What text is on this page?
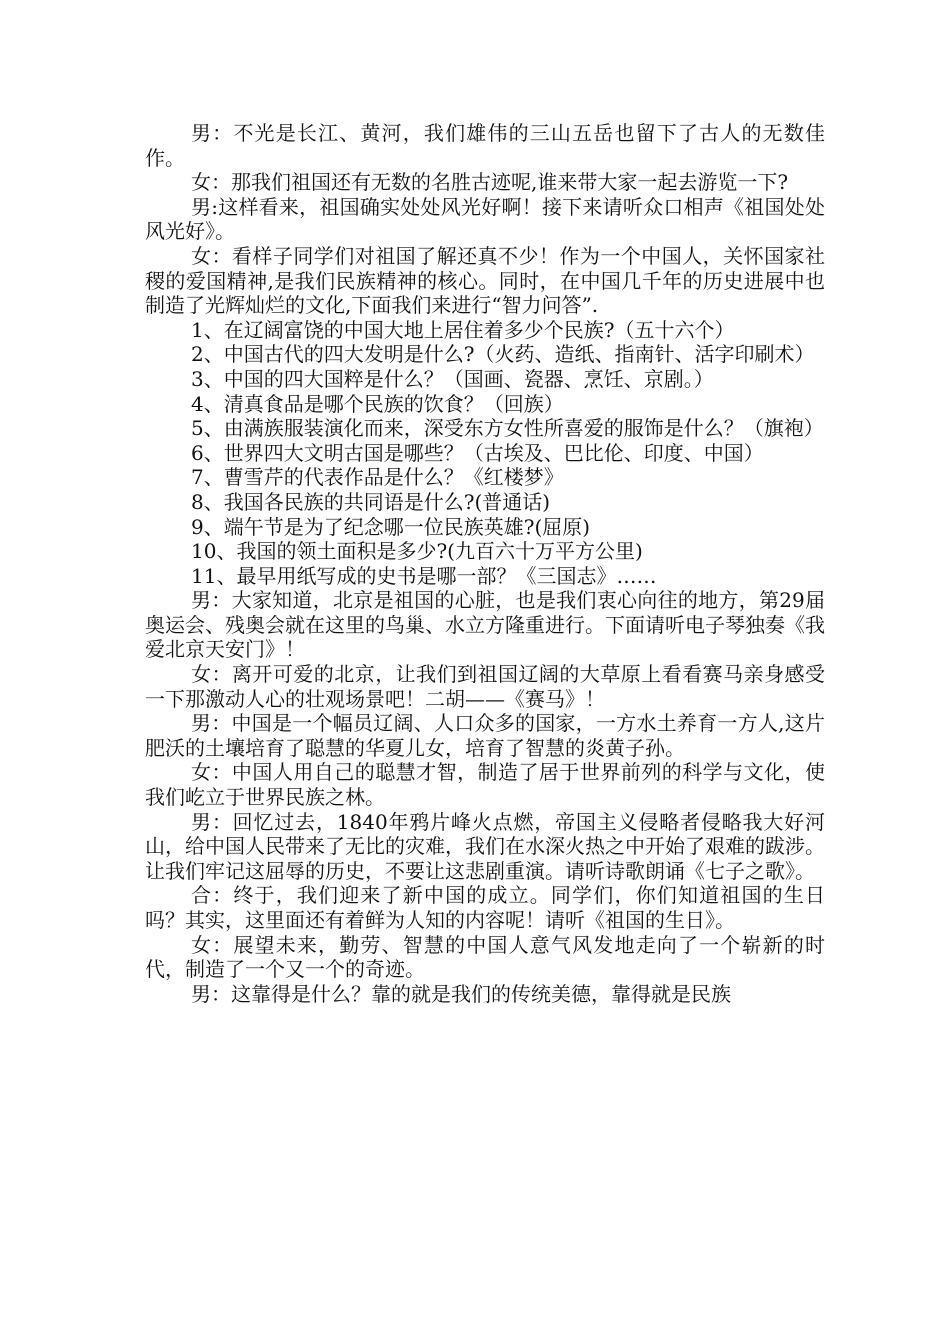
男：不光是长江、黄河，我们雄伟的三山五岳也留下了古人的无数佳作。

女：那我们祖国还有无数的名胜古迹呢,谁来带大家一起去游览一下?

男:这样看来，祖国确实处处风光好啊！接下来请听众口相声《祖国处处风光好》。

女：看样子同学们对祖国了解还真不少！作为一个中国人，关怀国家社稷的爱国精神,是我们民族精神的核心。同时，在中国几千年的历史进展中也制造了光辉灿烂的文化,下面我们来进行“智力问答”.

1、在辽阔富饶的中国大地上居住着多少个民族?（五十六个）

2、中国古代的四大发明是什么?（火药、造纸、指南针、活字印刷术）

3、中国的四大国粹是什么？（国画、瓷器、烹饪、京剧。）

4、清真食品是哪个民族的饮食？（回族）

5、由满族服装演化而来，深受东方女性所喜爱的服饰是什么？（旗袍）

6、世界四大文明古国是哪些？（古埃及、巴比伦、印度、中国）

7、曹雪芹的代表作品是什么？《红楼梦》

8、我国各民族的共同语是什么?(普通话)

9、端午节是为了纪念哪一位民族英雄?(屈原)

10、我国的领土面积是多少?(九百六十万平方公里)

11、最早用纸写成的史书是哪一部？《三国志》……

男：大家知道，北京是祖国的心脏，也是我们衷心向往的地方，第29届奥运会、残奥会就在这里的鸟巢、水立方隆重进行。下面请听电子琴独奏《我爱北京天安门》！

女：离开可爱的北京，让我们到祖国辽阔的大草原上看看赛马亲身感受一下那激动人心的壮观场景吧！二胡——《赛马》！

男：中国是一个幅员辽阔、人口众多的国家，一方水土养育一方人,这片肥沃的土壤培育了聪慧的华夏儿女，培育了智慧的炎黄子孙。

女：中国人用自己的聪慧才智，制造了居于世界前列的科学与文化，使我们屹立于世界民族之林。

男：回忆过去，1840年鸦片峰火点燃，帝国主义侵略者侵略我大好河山，给中国人民带来了无比的灾难，我们在水深火热之中开始了艰难的跋涉。让我们牢记这屈辱的历史，不要让这悲剧重演。请听诗歌朗诵《七子之歌》。

合：终于，我们迎来了新中国的成立。同学们，你们知道祖国的生日吗？其实，这里面还有着鲜为人知的内容呢！请听《祖国的生日》。

女：展望未来，勤劳、智慧的中国人意气风发地走向了一个崭新的时代，制造了一个又一个的奇迹。

男：这靠得是什么？靠的就是我们的传统美德，靠得就是民族
